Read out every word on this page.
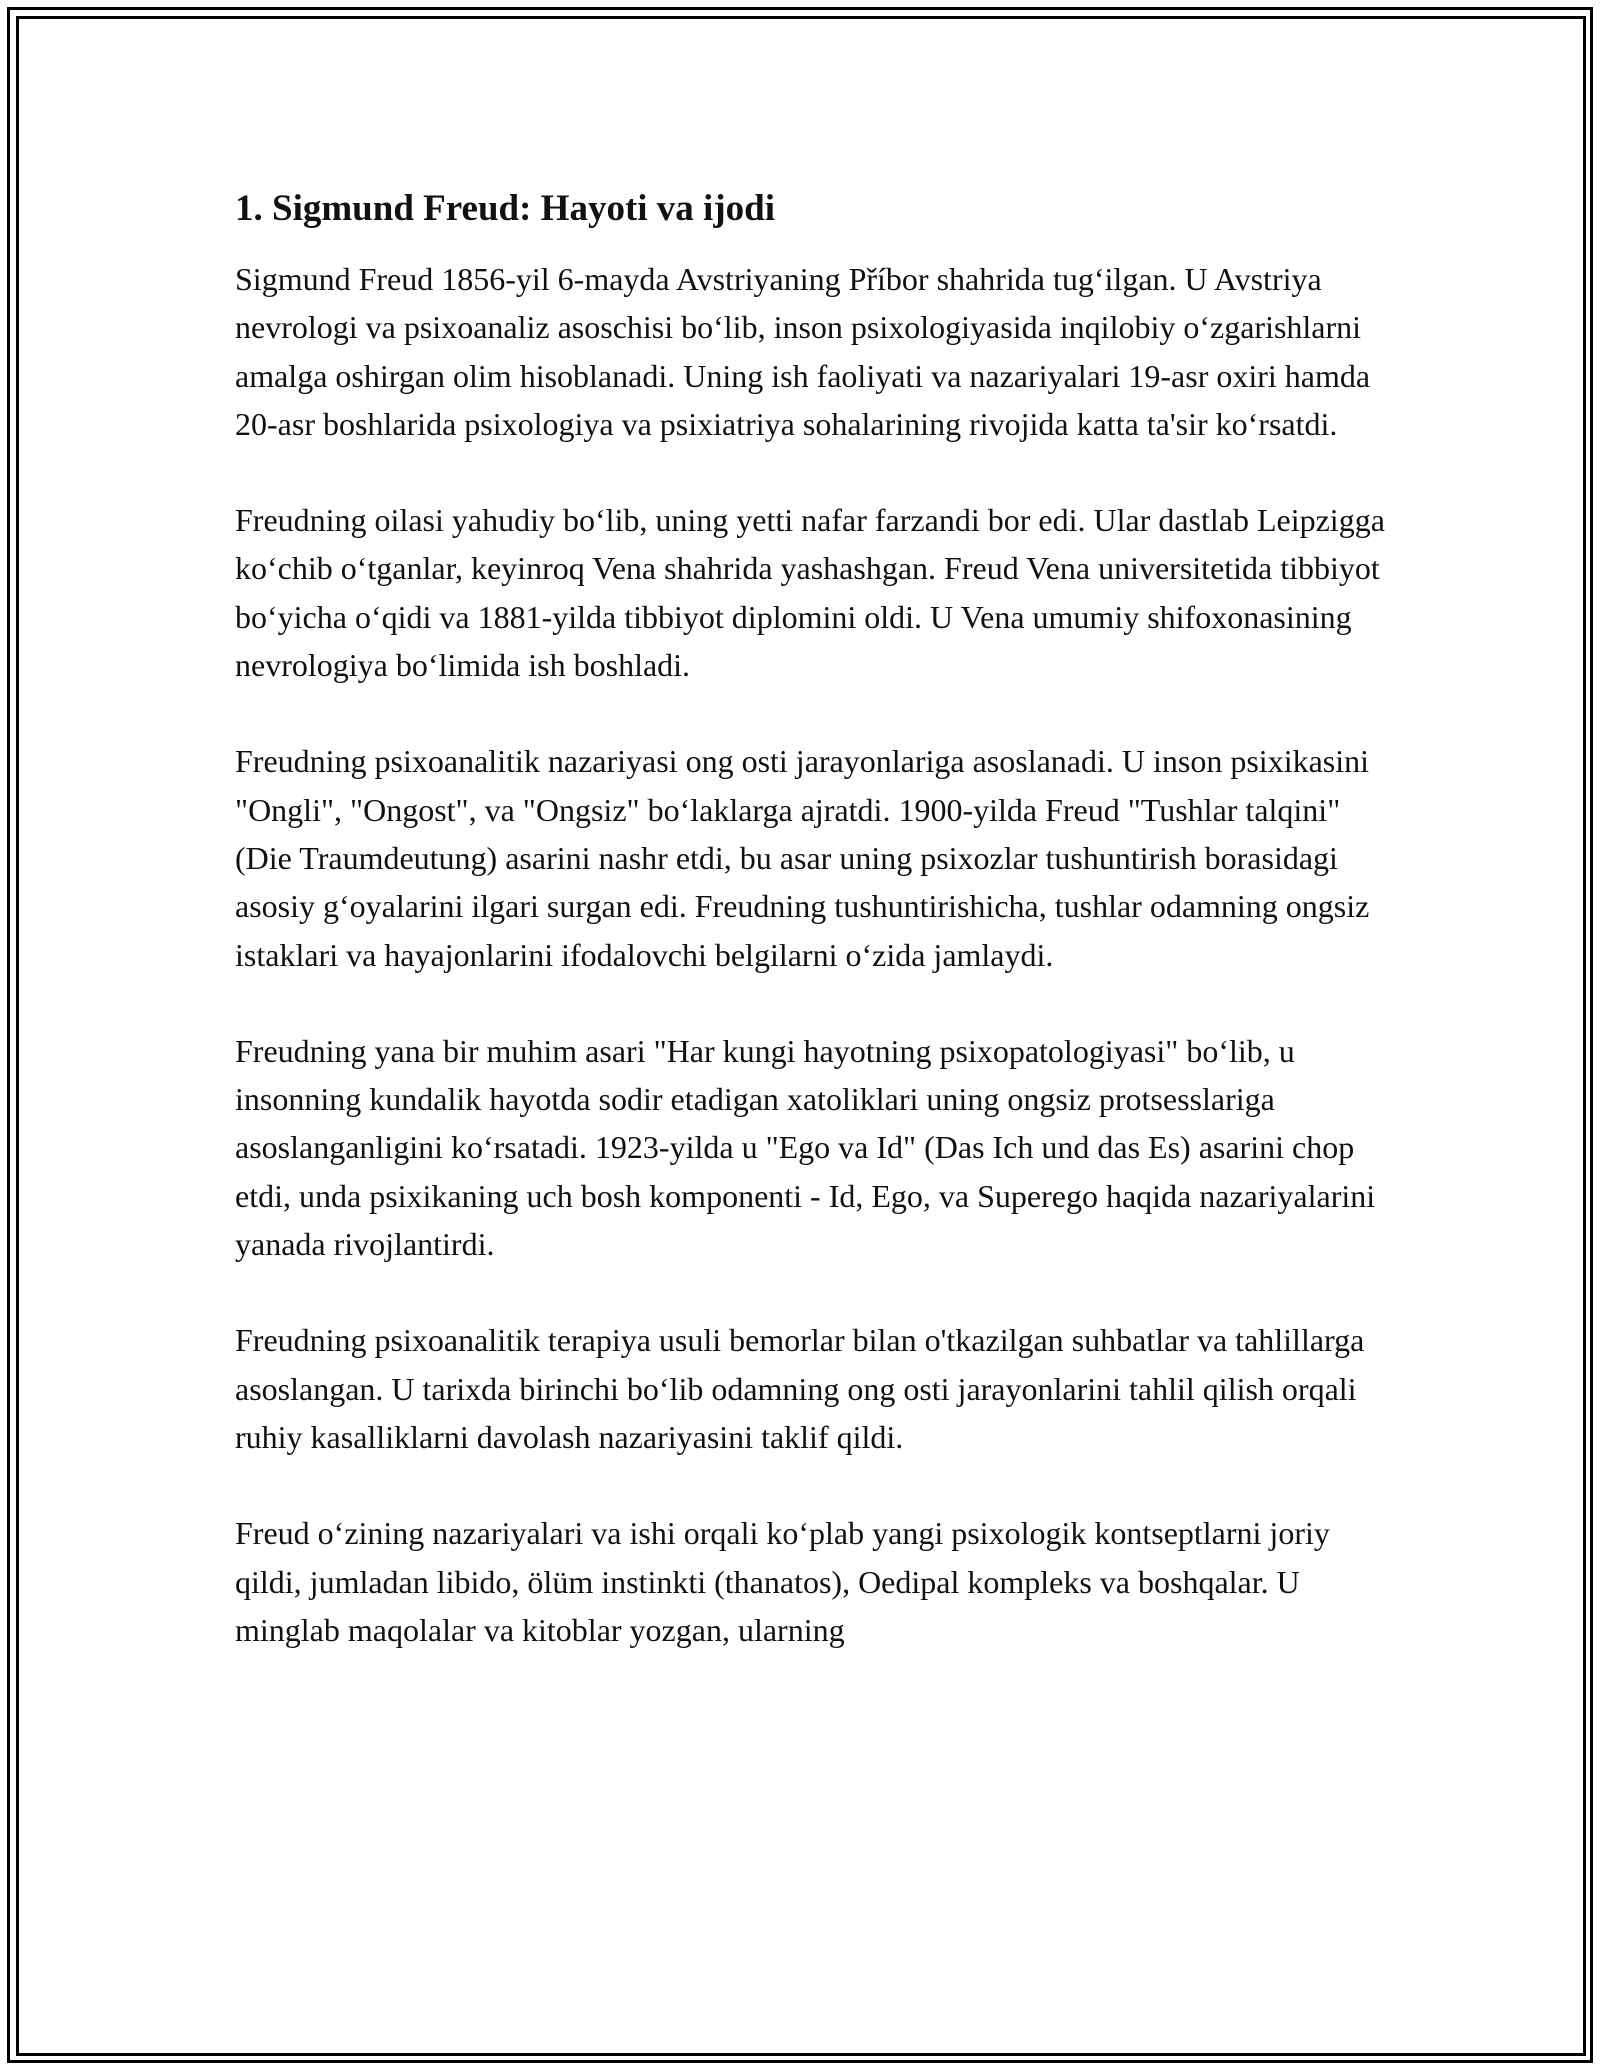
1. Sigmund Freud: Hayoti va ijodi

Sigmund Freud 1856-yil 6-mayda Avstriyaning Příbor shahrida tug‘ilgan. U Avstriya nevrologi va psixoanaliz asoschisi bo‘lib, inson psixologiyasida inqilobiy o‘zgarishlarni amalga oshirgan olim hisoblanadi. Uning ish faoliyati va nazariyalari 19-asr oxiri hamda 20-asr boshlarida psixologiya va psixiatriya sohalarining rivojida katta ta'sir ko‘rsatdi.

Freudning oilasi yahudiy bo‘lib, uning yetti nafar farzandi bor edi. Ular dastlab Leipzigga ko‘chib o‘tganlar, keyinroq Vena shahrida yashashgan. Freud Vena universitetida tibbiyot bo‘yicha o‘qidi va 1881-yilda tibbiyot diplomini oldi. U Vena umumiy shifoxonasining nevrologiya bo‘limida ish boshladi.

Freudning psixoanalitik nazariyasi ong osti jarayonlariga asoslanadi. U inson psixikasini "Ongli", "Ongost", va "Ongsiz" bo‘laklarga ajratdi. 1900-yilda Freud "Tushlar talqini" (Die Traumdeutung) asarini nashr etdi, bu asar uning psixozlar tushuntirish borasidagi asosiy g‘oyalarini ilgari surgan edi. Freudning tushuntirishicha, tushlar odamning ongsiz istaklari va hayajonlarini ifodalovchi belgilarni o‘zida jamlaydi.

Freudning yana bir muhim asari "Har kungi hayotning psixopatologiyasi" bo‘lib, u insonning kundalik hayotda sodir etadigan xatoliklari uning ongsiz protsesslariga asoslanganligini ko‘rsatadi. 1923-yilda u "Ego va Id" (Das Ich und das Es) asarini chop etdi, unda psixikaning uch bosh komponenti - Id, Ego, va Superego haqida nazariyalarini yanada rivojlantirdi.

Freudning psixoanalitik terapiya usuli bemorlar bilan o'tkazilgan suhbatlar va tahlillarga asoslangan. U tarixda birinchi bo‘lib odamning ong osti jarayonlarini tahlil qilish orqali ruhiy kasalliklarni davolash nazariyasini taklif qildi.

Freud o‘zining nazariyalari va ishi orqali ko‘plab yangi psixologik kontseptlarni joriy qildi, jumladan libido, ölüm instinkti (thanatos), Oedipal kompleks va boshqalar. U minglab maqolalar va kitoblar yozgan, ularning
